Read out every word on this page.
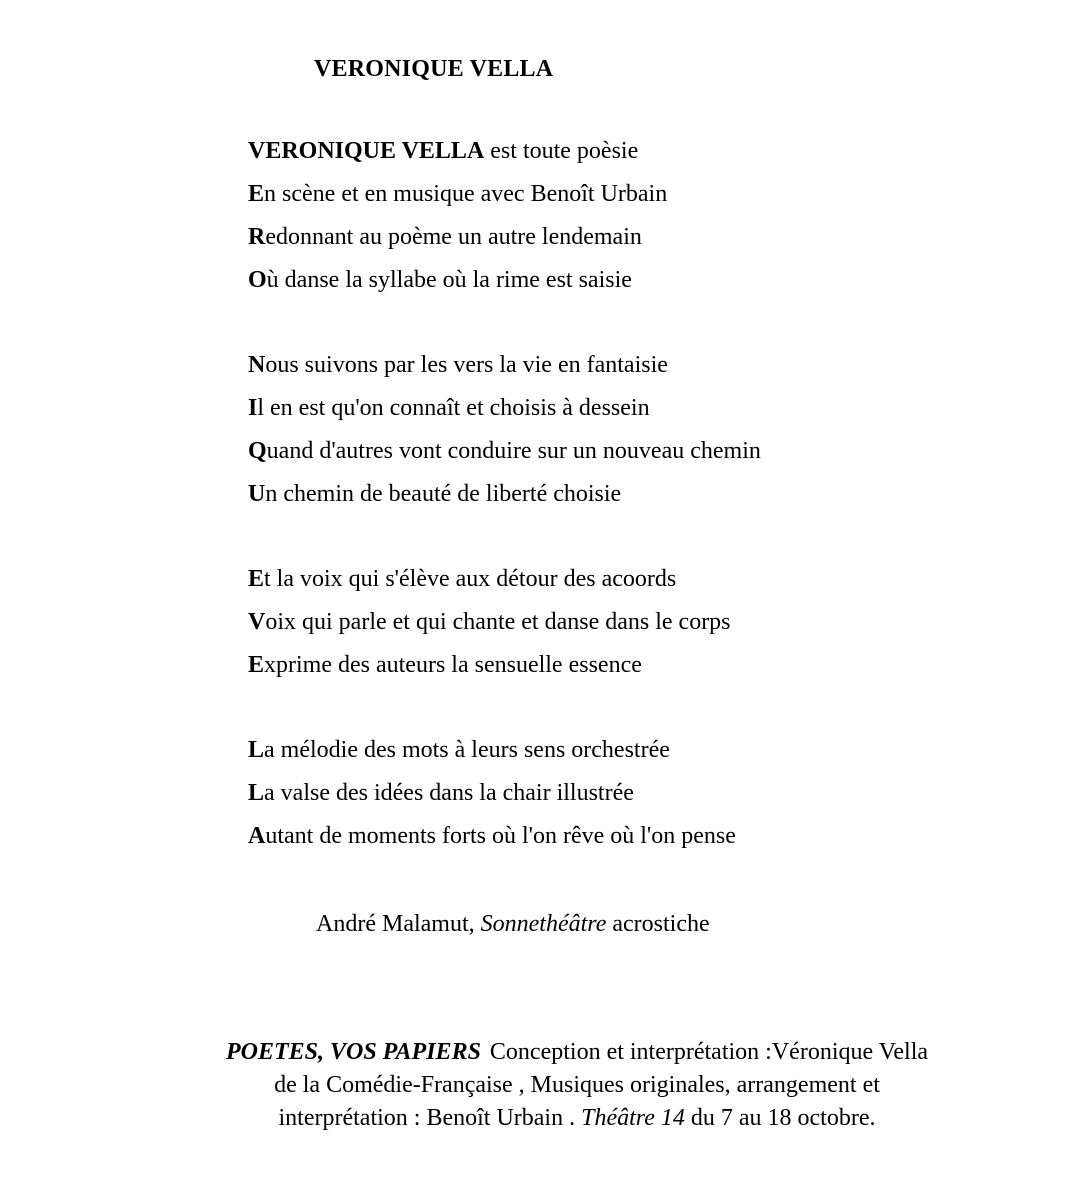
VERONIQUE VELLA
VERONIQUE VELLA est toute poèsie
En scène et en musique avec Benoît Urbain
Redonnant au poème un autre lendemain
Où danse la syllabe où la rime est saisie
Nous suivons par les vers la vie en fantaisie
Il en est qu'on connaît et choisis à dessein
Quand d'autres vont conduire sur un nouveau chemin
Un chemin de beauté de liberté choisie
Et la voix qui s'élève aux détour des acoords
Voix qui parle et qui chante et danse dans le corps
Exprime des auteurs la sensuelle essence
La mélodie des mots à leurs sens orchestrée
La valse des idées dans la chair illustrée
Autant de moments forts où l'on rêve où l'on pense
André Malamut, Sonnethéâtre acrostiche
POETES, VOS PAPIERS Conception et interprétation :Véronique Vella
de la Comédie-Française , Musiques originales, arrangement et
interprétation : Benoît Urbain . Théâtre 14 du 7 au 18 octobre.
